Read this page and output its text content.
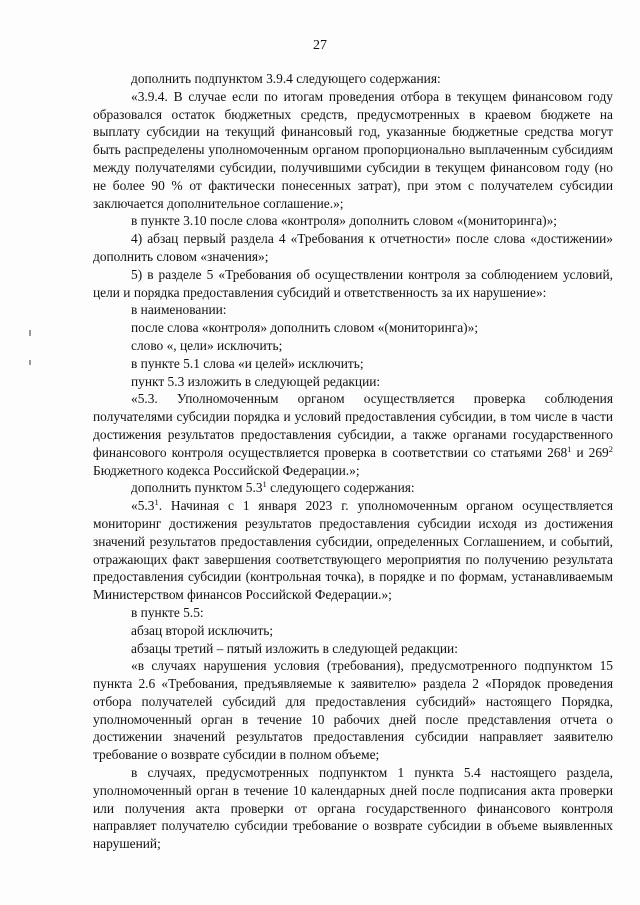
27

дополнить подпунктом 3.9.4 следующего содержания:

«3.9.4. В случае если по итогам проведения отбора в текущем финансовом году образовался остаток бюджетных средств, предусмотренных в краевом бюджете на выплату субсидии на текущий финансовый год, указанные бюджетные средства могут быть распределены уполномоченным органом пропорционально выплаченным субсидиям между получателями субсидии, получившими субсидии в текущем финансовом году (но не более 90 % от фактически понесенных затрат), при этом с получателем субсидии заключается дополнительное соглашение.»;

в пункте 3.10 после слова «контроля» дополнить словом «(мониторинга)»;

4) абзац первый раздела 4 «Требования к отчетности» после слова «достижении» дополнить словом «значения»;

5) в разделе 5 «Требования об осуществлении контроля за соблюдением условий, цели и порядка предоставления субсидий и ответственность за их нарушение»:

в наименовании:

после слова «контроля» дополнить словом «(мониторинга)»;

слово «, цели» исключить;

в пункте 5.1 слова «и целей» исключить;

пункт 5.3 изложить в следующей редакции:

«5.3. Уполномоченным органом осуществляется проверка соблюдения получателями субсидии порядка и условий предоставления субсидии, в том числе в части достижения результатов предоставления субсидии, а также органами государственного финансового контроля осуществляется проверка в соответствии со статьями $268^1$ и $269^2$ Бюджетного кодекса Российской Федерации.»;

дополнить пунктом $5.3^1$ следующего содержания:

«$5.3^1$. Начиная с 1 января 2023 г. уполномоченным органом осуществляется мониторинг достижения результатов предоставления субсидии исходя из достижения значений результатов предоставления субсидии, определенных Соглашением, и событий, отражающих факт завершения соответствующего мероприятия по получению результата предоставления субсидии (контрольная точка), в порядке и по формам, устанавливаемым Министерством финансов Российской Федерации.»;

в пункте 5.5:

абзац второй исключить;

абзацы третий – пятый изложить в следующей редакции:

«в случаях нарушения условия (требования), предусмотренного подпунктом 15 пункта 2.6 «Требования, предъявляемые к заявителю» раздела 2 «Порядок проведения отбора получателей субсидий для предоставления субсидий» настоящего Порядка, уполномоченный орган в течение 10 рабочих дней после представления отчета о достижении значений результатов предоставления субсидии направляет заявителю требование о возврате субсидии в полном объеме;

в случаях, предусмотренных подпунктом 1 пункта 5.4 настоящего раздела, уполномоченный орган в течение 10 календарных дней после подписания акта проверки или получения акта проверки от органа государственного финансового контроля направляет получателю субсидии требование о возврате субсидии в объеме выявленных нарушений;
